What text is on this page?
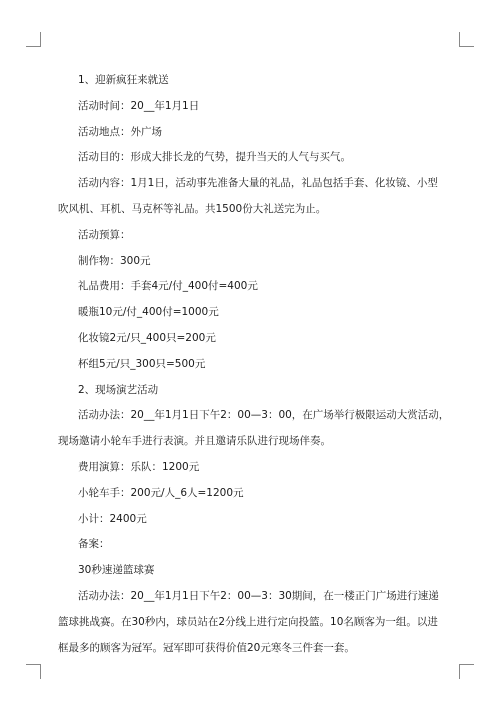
1、迎新疯狂来就送

活动时间：20__年1月1日

活动地点：外广场

活动目的：形成大排长龙的气势，提升当天的人气与买气。

活动内容：1月1日，活动事先准备大量的礼品，礼品包括手套、化妆镜、小型

吹风机、耳机、马克杯等礼品。共1500份大礼送完为止。

活动预算：

制作物：300元

礼品费用：手套4元/付_400付=400元

暖瓶10元/付_400付=1000元

化妆镜2元/只_400只=200元

杯组5元/只_300只=500元

2、现场演艺活动

活动办法：20__年1月1日下午2：00—3：00，在广场举行极限运动大赏活动，

现场邀请小轮车手进行表演。并且邀请乐队进行现场伴奏。

费用演算：乐队：1200元

小轮车手：200元/人_6人=1200元

小计：2400元

备案：

30秒速递篮球赛

活动办法：20__年1月1日下午2：00—3：30期间，在一楼正门广场进行速递

篮球挑战赛。在30秒内，球员站在2分线上进行定向投篮。10名顾客为一组。以进

框最多的顾客为冠军。冠军即可获得价值20元寒冬三件套一套。
